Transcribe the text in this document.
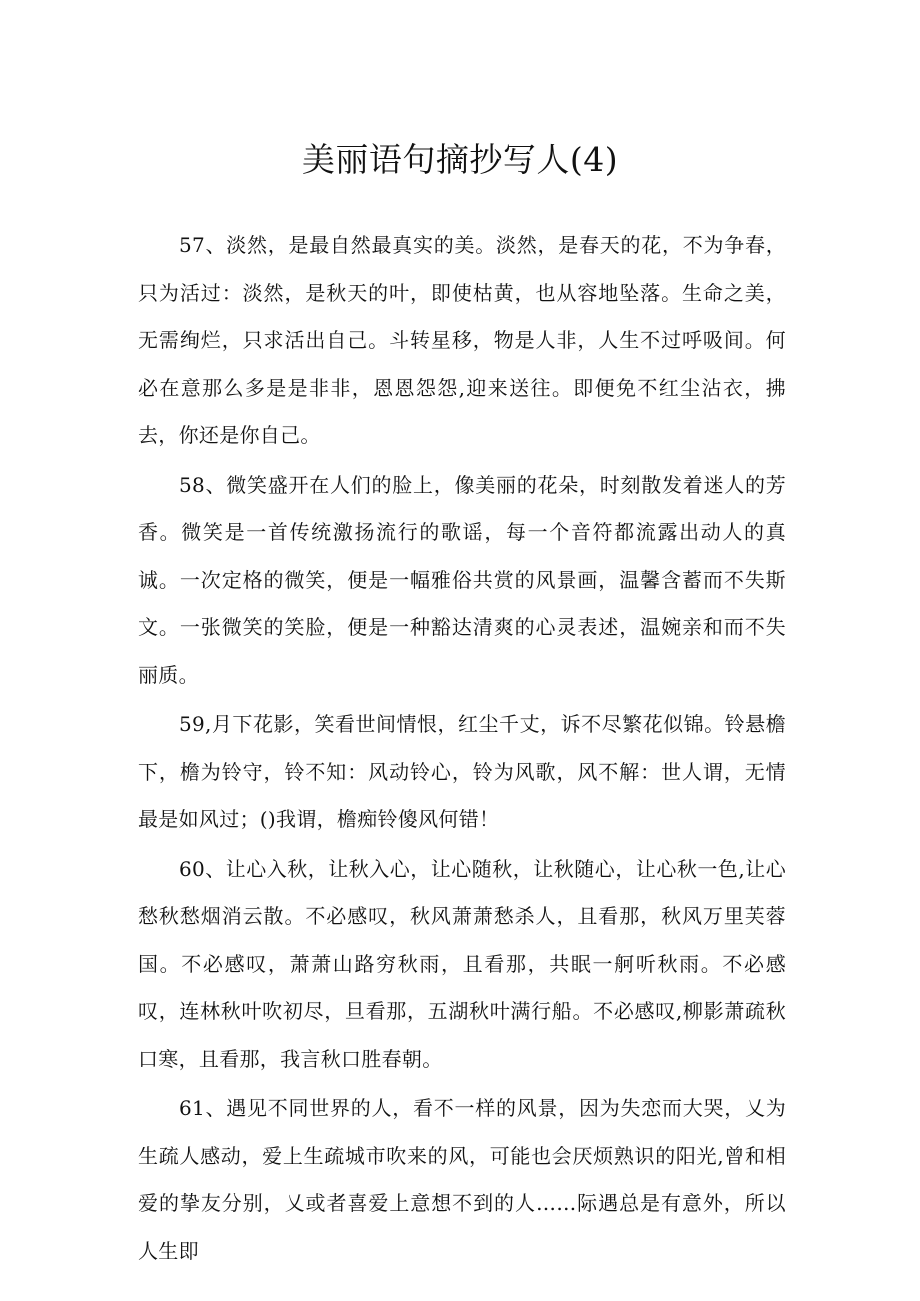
美丽语句摘抄写人(4)

57、淡然，是最自然最真实的美。淡然，是春天的花，不为争春，只为活过：淡然，是秋天的叶，即使枯黄，也从容地坠落。生命之美，无需绚烂，只求活出自己。斗转星移，物是人非，人生不过呼吸间。何必在意那么多是是非非，恩恩怨怨,迎来送往。即便免不红尘沾衣，拂去，你还是你自己。

58、微笑盛开在人们的脸上，像美丽的花朵，时刻散发着迷人的芳香。微笑是一首传统激扬流行的歌谣，每一个音符都流露出动人的真诚。一次定格的微笑，便是一幅雅俗共赏的风景画，温馨含蓄而不失斯文。一张微笑的笑脸，便是一种豁达清爽的心灵表述，温婉亲和而不失丽质。

59,月下花影，笑看世间情恨，红尘千丈，诉不尽繁花似锦。铃悬檐下，檐为铃守，铃不知：风动铃心，铃为风歌，风不解：世人谓，无情最是如风过；()我谓，檐痴铃傻风何错！

60、让心入秋，让秋入心，让心随秋，让秋随心，让心秋一色,让心愁秋愁烟消云散。不必感叹，秋风萧萧愁杀人，且看那，秋风万里芙蓉国。不必感叹，萧萧山路穷秋雨，且看那，共眠一舸听秋雨。不必感叹，连林秋叶吹初尽，旦看那，五湖秋叶满行船。不必感叹,柳影萧疏秋口寒，且看那，我言秋口胜春朝。

61、遇见不同世界的人，看不一样的风景，因为失恋而大哭，乂为生疏人感动，爱上生疏城市吹来的风，可能也会厌烦熟识的阳光,曾和相爱的挚友分别，乂或者喜爱上意想不到的人……际遇总是有意外，所以人生即
